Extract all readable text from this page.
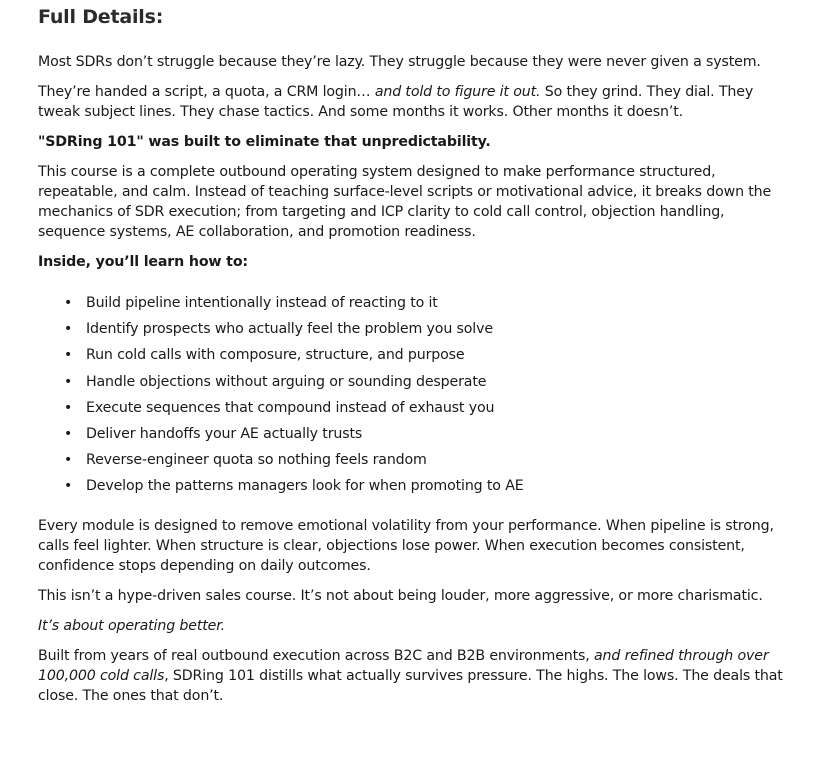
Full Details:

Most SDRs don’t struggle because they’re lazy. They struggle because they were never given a system.

They’re handed a script, a quota, a CRM login… and told to figure it out. So they grind. They dial. They tweak subject lines. They chase tactics. And some months it works. Other months it doesn’t.

"SDRing 101" was built to eliminate that unpredictability.

This course is a complete outbound operating system designed to make performance structured, repeatable, and calm. Instead of teaching surface-level scripts or motivational advice, it breaks down the mechanics of SDR execution; from targeting and ICP clarity to cold call control, objection handling, sequence systems, AE collaboration, and promotion readiness.

Inside, you’ll learn how to:

• Build pipeline intentionally instead of reacting to it
• Identify prospects who actually feel the problem you solve
• Run cold calls with composure, structure, and purpose
• Handle objections without arguing or sounding desperate
• Execute sequences that compound instead of exhaust you
• Deliver handoffs your AE actually trusts
• Reverse-engineer quota so nothing feels random
• Develop the patterns managers look for when promoting to AE

Every module is designed to remove emotional volatility from your performance. When pipeline is strong, calls feel lighter. When structure is clear, objections lose power. When execution becomes consistent, confidence stops depending on daily outcomes.

This isn’t a hype-driven sales course. It’s not about being louder, more aggressive, or more charismatic.

It’s about operating better.

Built from years of real outbound execution across B2C and B2B environments, and refined through over 100,000 cold calls, SDRing 101 distills what actually survives pressure. The highs. The lows. The deals that close. The ones that don’t.
